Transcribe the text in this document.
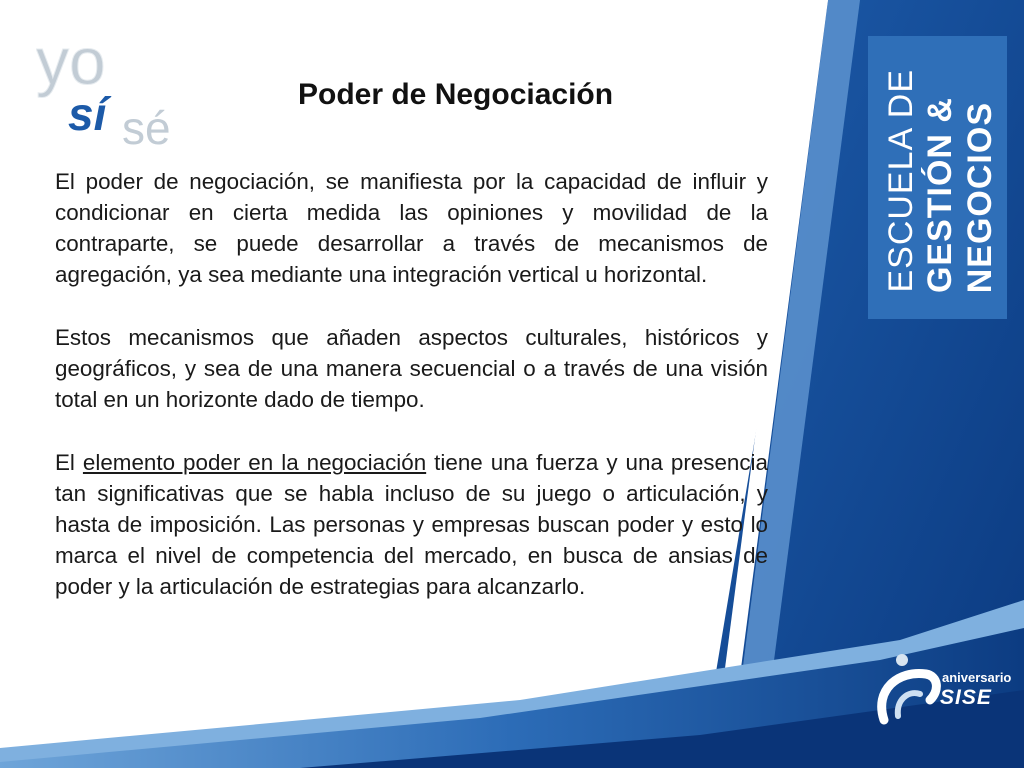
yo
sí sé
Poder de Negociación

El poder de negociación, se manifiesta por la capacidad de influir y condicionar en cierta medida las opiniones y movilidad de la contraparte, se puede desarrollar a través de mecanismos de agregación, ya sea mediante una integración vertical u horizontal.

Estos mecanismos que añaden aspectos culturales, históricos y geográficos, y sea de una manera secuencial o a través de una visión total en un horizonte dado de tiempo.

El elemento poder en la negociación tiene una fuerza y una presencia tan significativas que se habla incluso de su juego o articulación, y hasta de imposición. Las personas y empresas buscan poder y esto lo marca el nivel de competencia del mercado, en busca de ansias de poder y la articulación de estrategias para alcanzarlo.

ESCUELA DE GESTIÓN & NEGOCIOS
aniversario
SISE
